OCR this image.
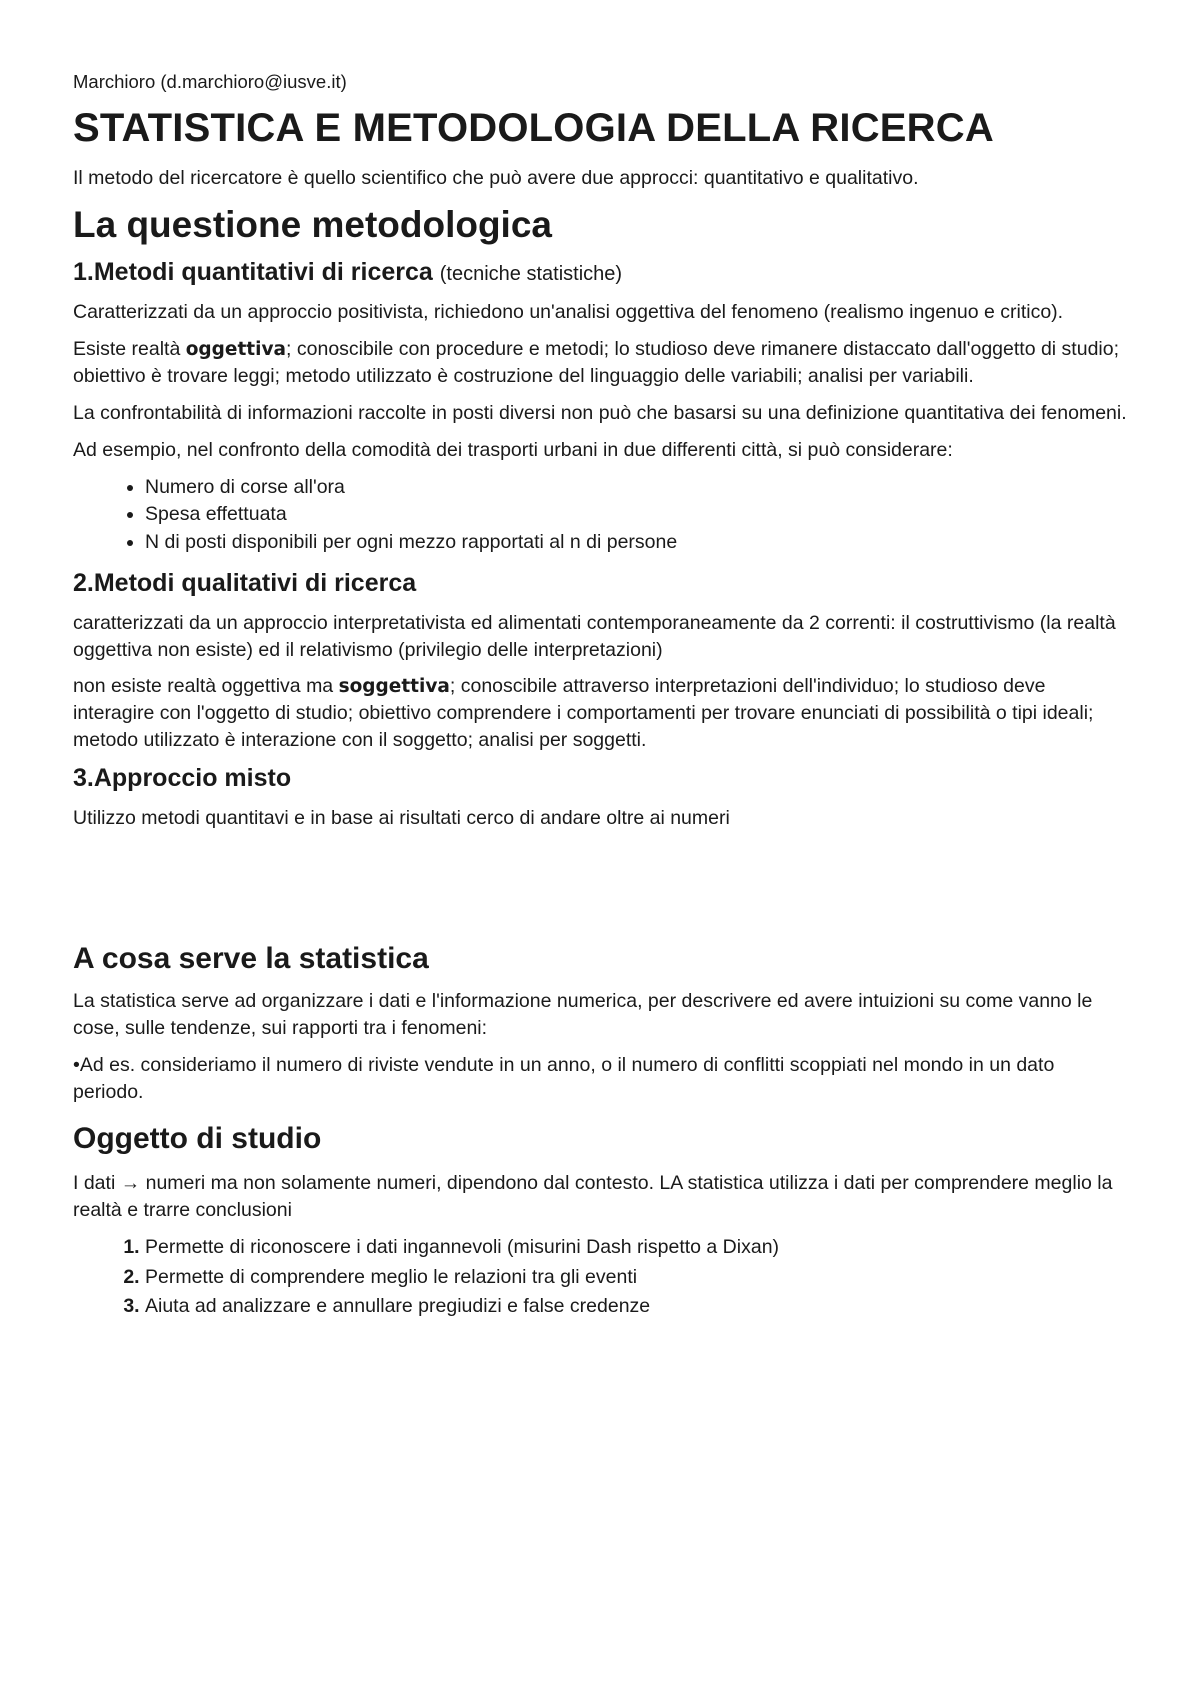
Marchioro (d.marchioro@iusve.it)
STATISTICA E METODOLOGIA DELLA RICERCA
Il metodo del ricercatore è quello scientifico che può avere due approcci: quantitativo e qualitativo.
La questione metodologica
1.Metodi quantitativi di ricerca (tecniche statistiche)

Caratterizzati da un approccio positivista, richiedono un'analisi oggettiva del fenomeno (realismo ingenuo e critico).

Esiste realtà oggettiva; conoscibile con procedure e metodi; lo studioso deve rimanere distaccato dall'oggetto di studio; obiettivo è trovare leggi; metodo utilizzato è costruzione del linguaggio delle variabili; analisi per variabili.

La confrontabilità di informazioni raccolte in posti diversi non può che basarsi su una definizione quantitativa dei fenomeni.

Ad esempio, nel confronto della comodità dei trasporti urbani in due differenti città, si può considerare:

• Numero di corse all'ora
• Spesa effettuata
• N di posti disponibili per ogni mezzo rapportati al n di persone
2.Metodi qualitativi di ricerca

caratterizzati da un approccio interpretativista ed alimentati contemporaneamente da 2 correnti: il costruttivismo (la realtà oggettiva non esiste) ed il relativismo (privilegio delle interpretazioni)

non esiste realtà oggettiva ma soggettiva; conoscibile attraverso interpretazioni dell'individuo; lo studioso deve interagire con l'oggetto di studio; obiettivo comprendere i comportamenti per trovare enunciati di possibilità o tipi ideali; metodo utilizzato è interazione con il soggetto; analisi per soggetti.

3.Approccio misto

Utilizzo metodi quantitavi e in base ai risultati cerco di andare oltre ai numeri

A cosa serve la statistica

La statistica serve ad organizzare i dati e l'informazione numerica, per descrivere ed avere intuizioni su come vanno le cose, sulle tendenze, sui rapporti tra i fenomeni:

•Ad es. consideriamo il numero di riviste vendute in un anno, o il numero di conflitti scoppiati nel mondo in un dato periodo.

Oggetto di studio

I dati → numeri ma non solamente numeri, dipendono dal contesto. LA statistica utilizza i dati per comprendere meglio la realtà e trarre conclusioni

1. Permette di riconoscere i dati ingannevoli (misurini Dash rispetto a Dixan)
2. Permette di comprendere meglio le relazioni tra gli eventi
3. Aiuta ad analizzare e annullare pregiudizi e false credenze
